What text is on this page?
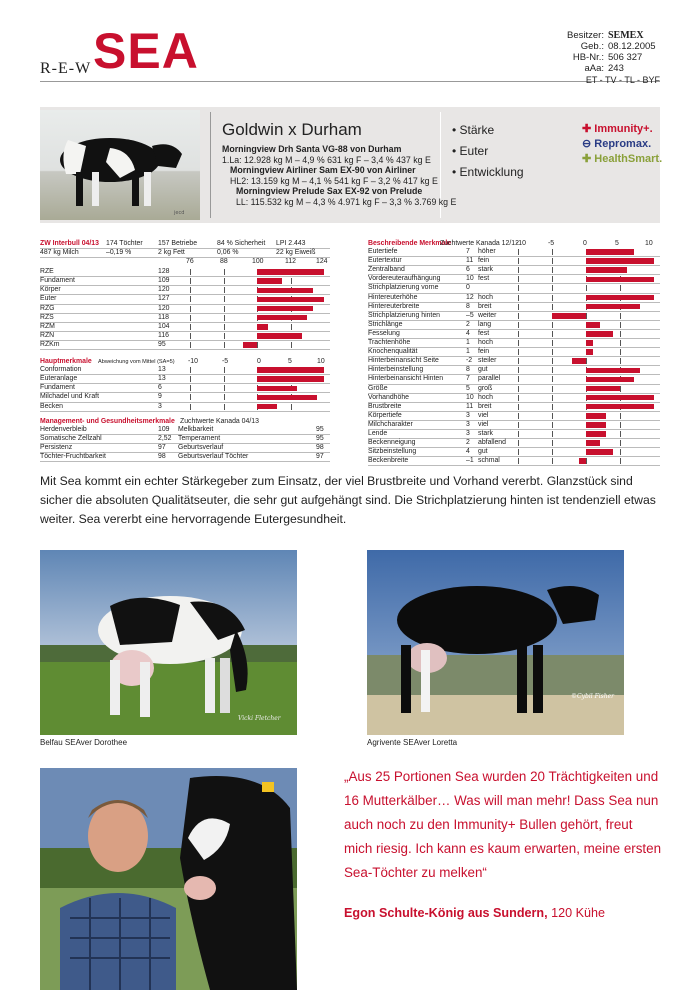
R-E-W SEA	Besitzer: SEMEX
Geb.: 08.12.2005
HB-Nr.: 506 327
aAa: 243
ET - TV - TL - BYF
jecd
Goldwin x Durham
Morningview Drh Santa VG-88 von Durham
1.La: 12.928 kg M – 4,9 % 631 kg F – 3,4 % 437 kg E
Morningview Airliner Sam EX-90 von Airliner
HL2: 13.159 kg M – 4,1 % 541 kg F – 3,2 % 417 kg E
Morningview Prelude Sax EX-92 von Prelude
LL: 115.532 kg M – 4,3 % 4.971 kg F – 3,3 % 3.769 kg E
• Stärke
• Euter
• Entwicklung
✚ Immunity+.
⊖ Repromax.
✚ HealthSmart.
ZW Interbull 04/13 174 Töchter 157 Betriebe	84 % Sicherheit LPI 2.443
487 kg Milch	–0,19 %	2 kg Fett	0,06 %	22 kg Eiweiß
76	88	100	112	124
RZE	128
Fundament	109
Körper	120
Euter	127
RZG	120
RZS	118
RZM	104
RZN	116
RZKm	95
Hauptmerkmale Abweichung vom Mittel (SA=5) -10	-5	0	5	10
Conformation	13
Euteranlage	13
Fundament	6
Milchadel und Kraft	9
Becken	3
Management- und Gesundheitsmerkmale Zuchtwerte Kanada 04/13
Herdenverbleib	109 Melkbarkeit	95
Somatische Zellzahl	2,52 Temperament	95
Persistenz	97 Geburtsverlauf	98
Töchter-Fruchtbarkeit	98 Geburtsverlauf Töchter	97
Beschreibende Merkmale
Zuchtwerte Kanada 12/12
-10	-5	0	5	10
Eutertiefe	7 höher
Eutertextur	11 fein
Zentralband	6 stark
Vordereuteraufhängung	10 fest
Strichplatzierung vorne	0
Hintereuterhöhe	12 hoch
Hintereuterbreite	8 breit
Strichplatzierung hinten	–5 weiter
Strichlänge	2 lang
Fesselung	4 fest
Trachtenhöhe	1 hoch
Knochenqualität	1 fein
Hinterbeinansicht Seite	-2 steiler
Hinterbeinstellung	8 gut
Hinterbeinansicht Hinten	7 parallel
Größe	5 groß
Vorhandhöhe	10 hoch
Brustbreite	11 breit
Körpertiefe	3 viel
Milchcharakter	3 viel
Lende	3 stark
Beckenneigung	2 abfallend
Sitzbeinstellung	4 gut
Beckenbreite	–1 schmal
Mit Sea kommt ein echter Stärkegeber zum Einsatz, der viel Brustbreite und Vorhand vererbt. Glanzstück sind sicher die absoluten Qualitätseuter, die sehr gut aufgehängt sind. Die Strichplatzierung hinten ist tendenziell etwas weiter. Sea vererbt eine hervorragende Eutergesundheit.
Vicki Fletcher
Belfau SEAver Dorothee
©Cybil Fisher
Agrivente SEAver Loretta
„Aus 25 Portionen Sea wurden 20 Trächtigkeiten und 16 Mutterkälber… Was will man mehr! Dass Sea nun auch noch zu den Immunity+ Bullen gehört, freut mich riesig. Ich kann es kaum erwarten, meine ersten Sea-Töchter zu melken“
Egon Schulte-König aus Sundern, 120 Kühe
